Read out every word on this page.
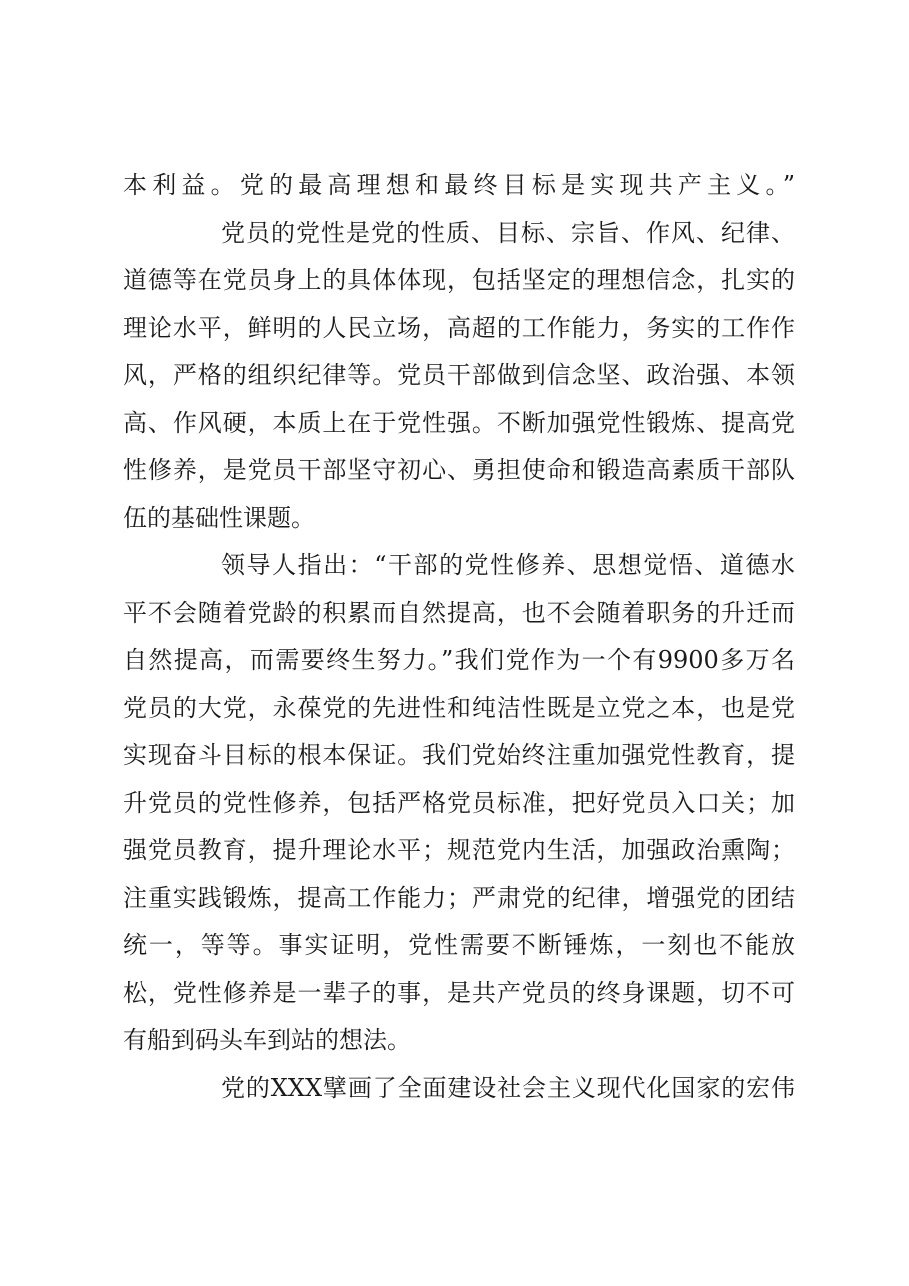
本利益。党的最高理想和最终目标是实现共产主义。”
党员的党性是党的性质、目标、宗旨、作风、纪律、
道德等在党员身上的具体体现，包括坚定的理想信念，扎实的
理论水平，鲜明的人民立场，高超的工作能力，务实的工作作
风，严格的组织纪律等。党员干部做到信念坚、政治强、本领
高、作风硬，本质上在于党性强。不断加强党性锻炼、提高党
性修养，是党员干部坚守初心、勇担使命和锻造高素质干部队
伍的基础性课题。
领导人指出：“干部的党性修养、思想觉悟、道德水
平不会随着党龄的积累而自然提高，也不会随着职务的升迁而
自然提高，而需要终生努力。”我们党作为一个有9900多万名
党员的大党，永葆党的先进性和纯洁性既是立党之本，也是党
实现奋斗目标的根本保证。我们党始终注重加强党性教育，提
升党员的党性修养，包括严格党员标准，把好党员入口关；加
强党员教育，提升理论水平；规范党内生活，加强政治熏陶；
注重实践锻炼，提高工作能力；严肃党的纪律，增强党的团结
统一，等等。事实证明，党性需要不断锤炼，一刻也不能放
松，党性修养是一辈子的事，是共产党员的终身课题，切不可
有船到码头车到站的想法。
党的XXX擘画了全面建设社会主义现代化国家的宏伟
